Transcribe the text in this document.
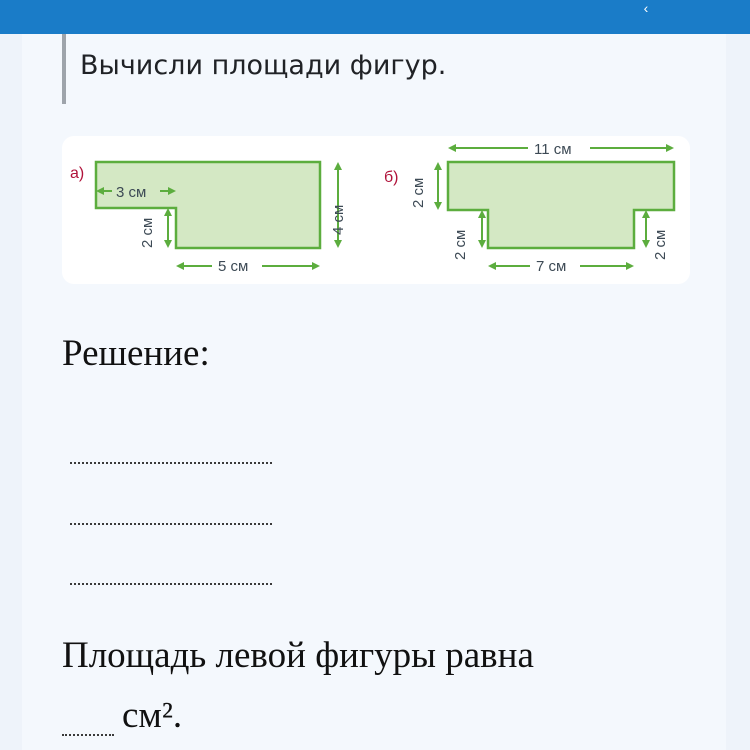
‹
Вычисли площади фигур.
а)
3 см
2 см	4 см
5 см
б)
11 см
2 см
2 см
7 см
2 см
Решение:
Площадь левой фигуры равна
см².
